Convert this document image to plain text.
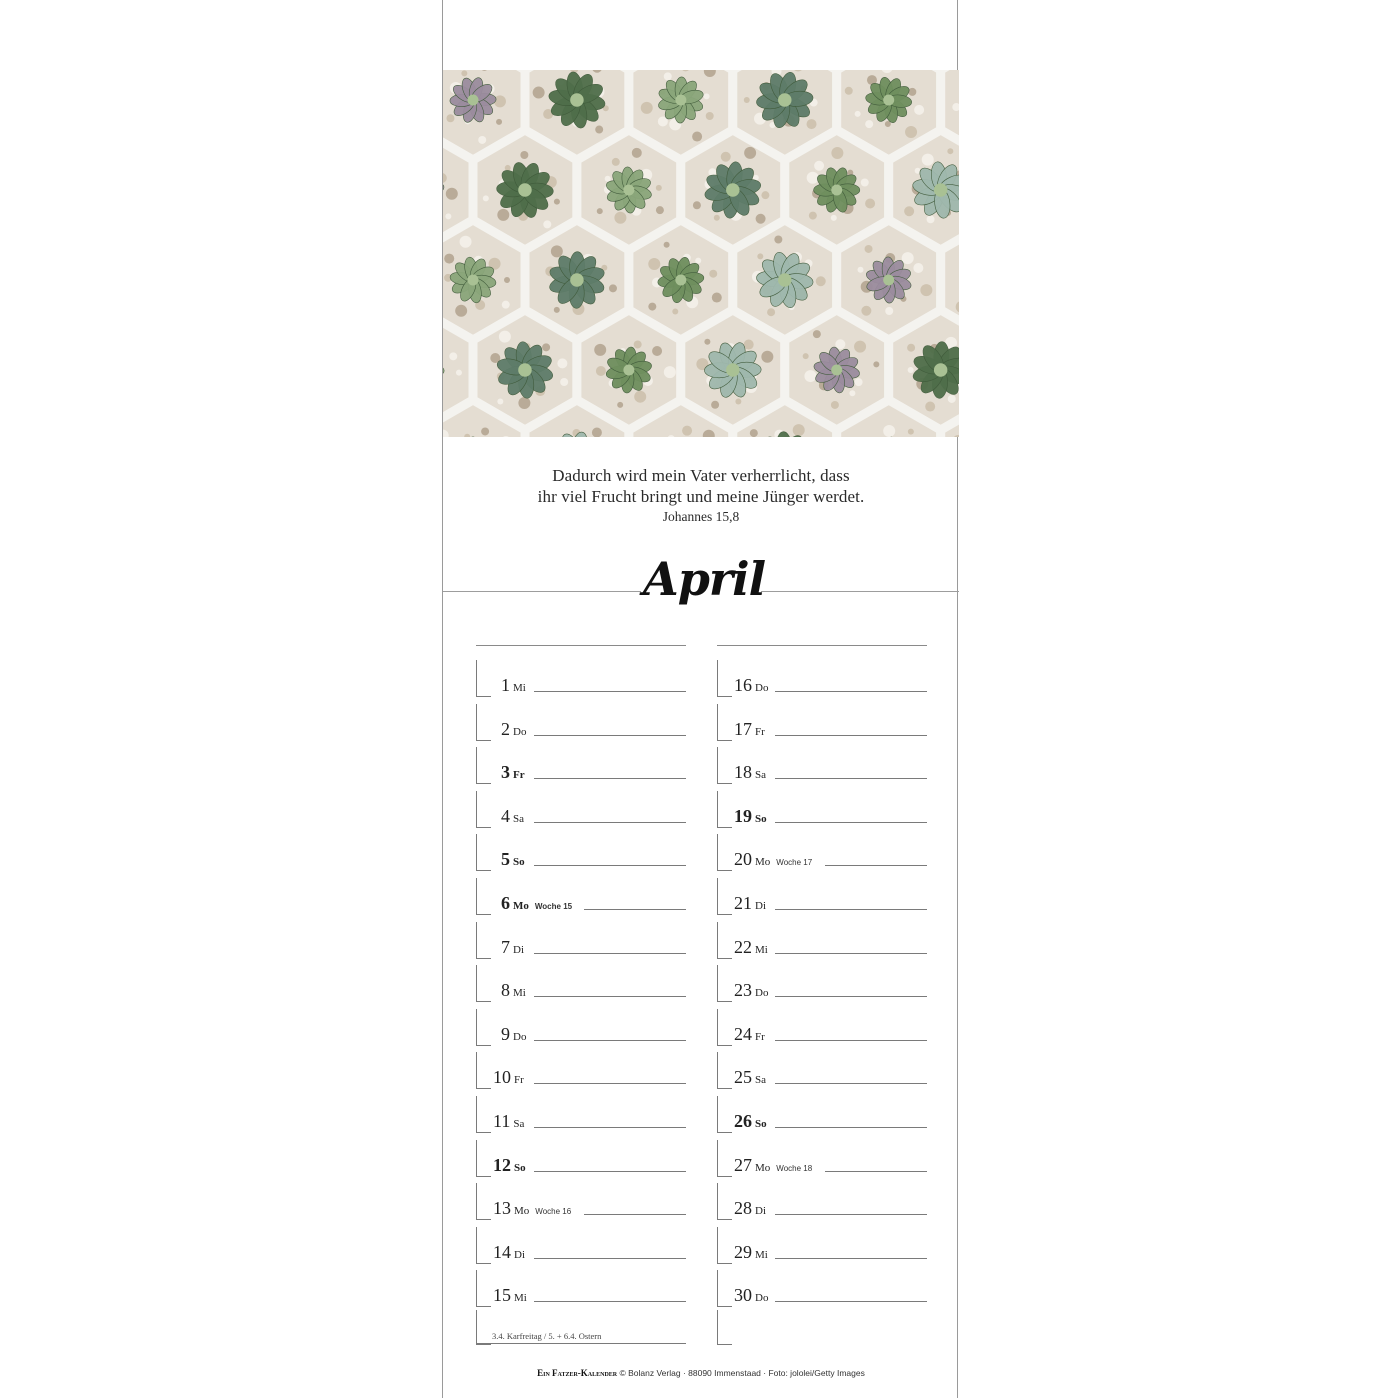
Dadurch wird mein Vater verherrlicht, dass
ihr viel Frucht bringt und meine Jünger werdet.
Johannes 15,8
April
1 Mi
2 Do
3 Fr
4 Sa
5 So
6 Mo Woche 15
7 Di
8 Mi
9 Do
10 Fr
11 Sa
12 So
13 Mo Woche 16
14 Di
15 Mi
3.4. Karfreitag / 5. + 6.4. Ostern
16 Do
17 Fr
18 Sa
19 So
20 Mo Woche 17
21 Di
22 Mi
23 Do
24 Fr
25 Sa
26 So
27 Mo Woche 18
28 Di
29 Mi
30 Do
Ein Fatzer-Kalender © Bolanz Verlag · 88090 Immenstaad · Foto: jololei/Getty Images
